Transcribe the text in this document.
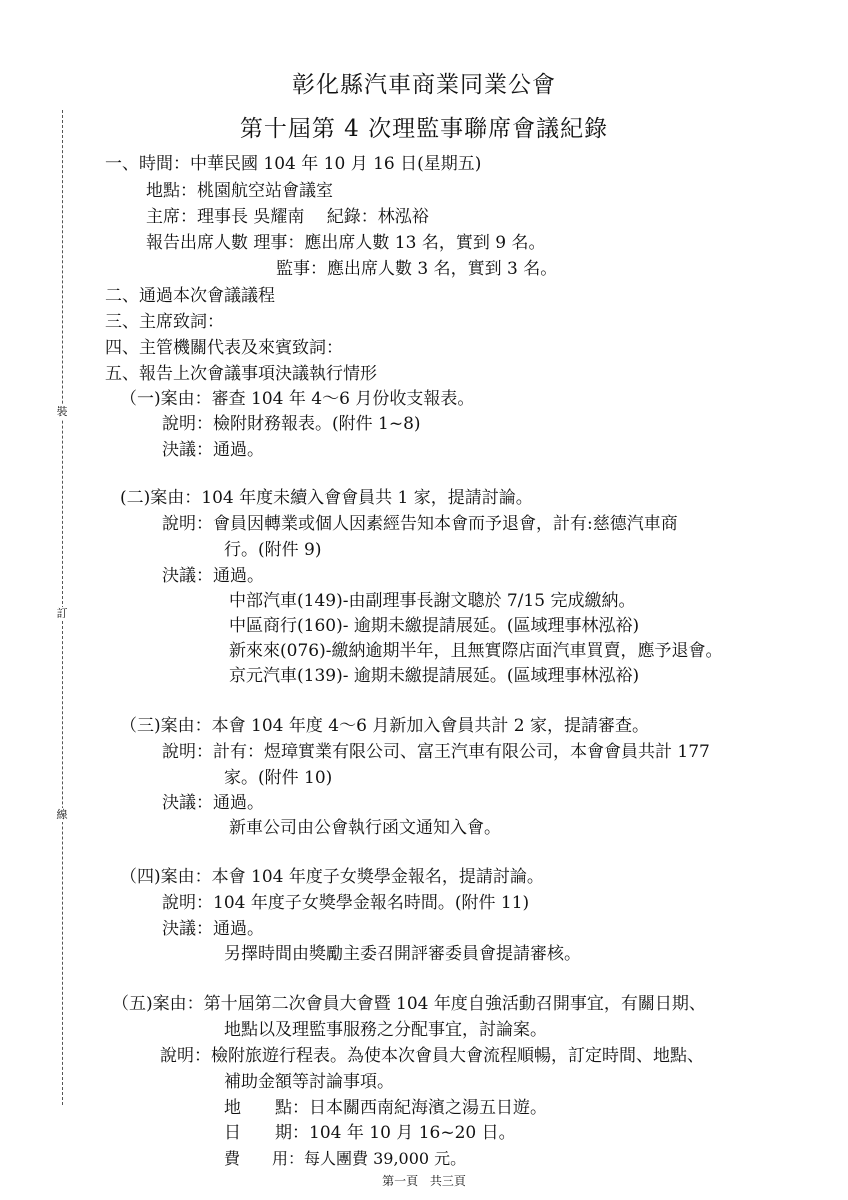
裝
訂
線
彰化縣汽車商業同業公會
第十屆第 4 次理監事聯席會議紀錄
一、時間：中華民國 104 年 10 月 16 日(星期五)
地點：桃園航空站會議室
主席：理事長 吳耀南　 紀錄：林泓裕
報告出席人數 理事：應出席人數 13 名，實到 9 名。
監事：應出席人數 3 名，實到 3 名。
二、通過本次會議議程
三、主席致詞：
四、主管機關代表及來賓致詞：
五、報告上次會議事項決議執行情形
（一)案由：審查 104 年 4～6 月份收支報表。
說明：檢附財務報表。(附件 1~8)
決議：通過。
(二)案由：104 年度未續入會會員共 1 家，提請討論。
說明：會員因轉業或個人因素經告知本會而予退會，計有:慈德汽車商
行。(附件 9)
決議：通過。
中部汽車(149)-由副理事長謝文聰於 7/15 完成繳納。
中區商行(160)- 逾期未繳提請展延。(區域理事林泓裕)
新來來(076)-繳納逾期半年，且無實際店面汽車買賣，應予退會。
京元汽車(139)- 逾期未繳提請展延。(區域理事林泓裕)
（三)案由：本會 104 年度 4～6 月新加入會員共計 2 家，提請審查。
說明：計有：煜璋實業有限公司、富王汽車有限公司，本會會員共計 177
家。(附件 10)
決議：通過。
新車公司由公會執行函文通知入會。
（四)案由：本會 104 年度子女獎學金報名，提請討論。
說明：104 年度子女獎學金報名時間。(附件 11)
決議：通過。
另擇時間由獎勵主委召開評審委員會提請審核。
（五)案由：第十屆第二次會員大會暨 104 年度自強活動召開事宜，有關日期、
地點以及理監事服務之分配事宜，討論案。
說明：檢附旅遊行程表。為使本次會員大會流程順暢，訂定時間、地點、
補助金額等討論事項。
地　　點：日本關西南紀海濱之湯五日遊。
日　　期：104 年 10 月 16~20 日。
費　　用：每人團費 39,000 元。
第一頁 共三頁
